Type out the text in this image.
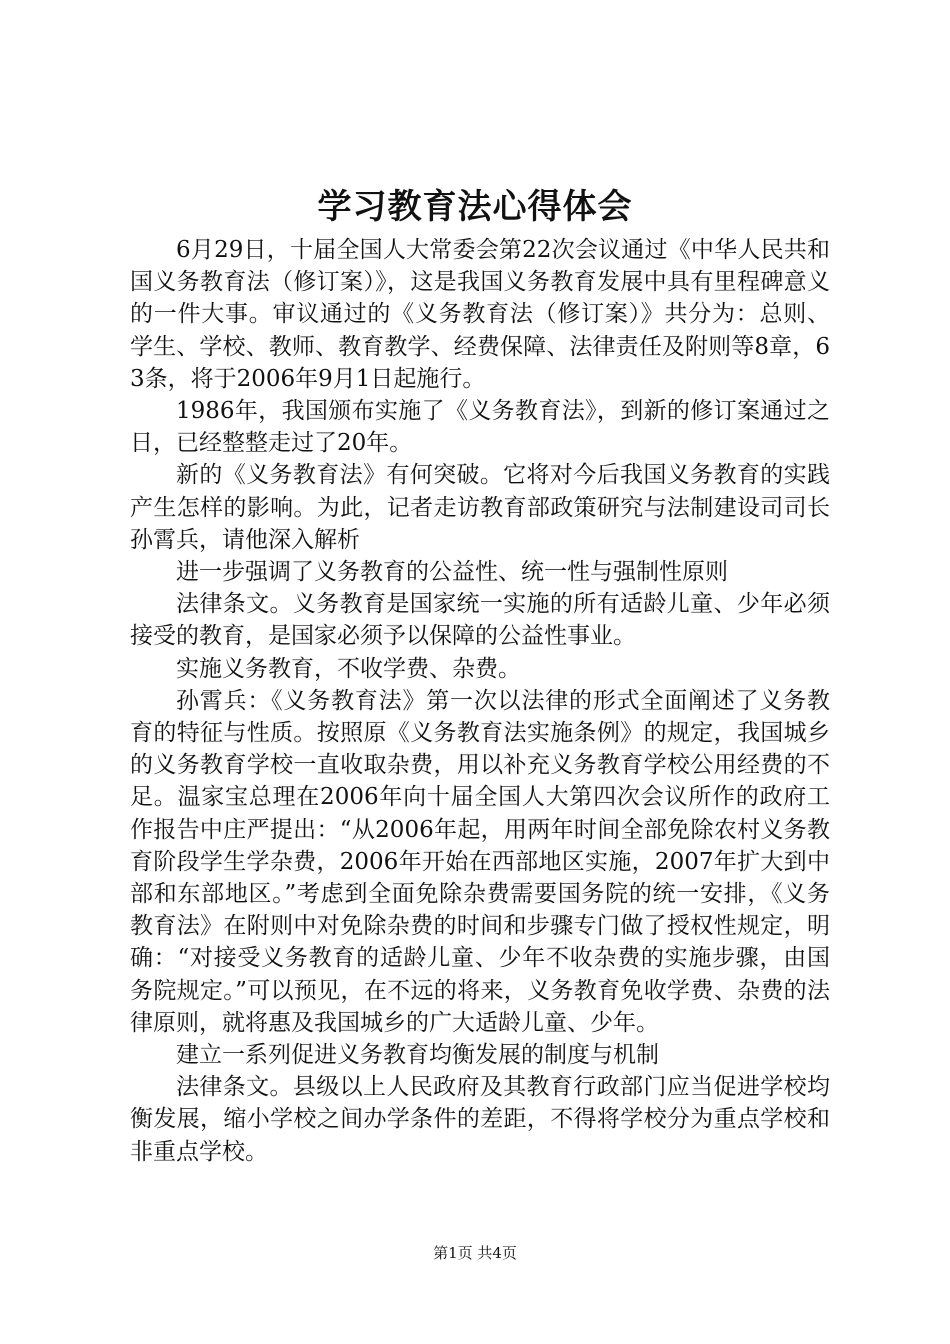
学习教育法心得体会

6月29日，十届全国人大常委会第22次会议通过《中华人民共和国义务教育法（修订案）》，这是我国义务教育发展中具有里程碑意义的一件大事。审议通过的《义务教育法（修订案）》共分为：总则、学生、学校、教师、教育教学、经费保障、法律责任及附则等8章，63条，将于2006年9月1日起施行。

1986年，我国颁布实施了《义务教育法》，到新的修订案通过之日，已经整整走过了20年。

新的《义务教育法》有何突破。它将对今后我国义务教育的实践产生怎样的影响。为此，记者走访教育部政策研究与法制建设司司长孙霄兵，请他深入解析

进一步强调了义务教育的公益性、统一性与强制性原则

法律条文。义务教育是国家统一实施的所有适龄儿童、少年必须接受的教育，是国家必须予以保障的公益性事业。

实施义务教育，不收学费、杂费。

孙霄兵：《义务教育法》第一次以法律的形式全面阐述了义务教育的特征与性质。按照原《义务教育法实施条例》的规定，我国城乡的义务教育学校一直收取杂费，用以补充义务教育学校公用经费的不足。温家宝总理在2006年向十届全国人大第四次会议所作的政府工作报告中庄严提出：“从2006年起，用两年时间全部免除农村义务教育阶段学生学杂费，2006年开始在西部地区实施，2007年扩大到中部和东部地区。”考虑到全面免除杂费需要国务院的统一安排，《义务教育法》在附则中对免除杂费的时间和步骤专门做了授权性规定，明确：“对接受义务教育的适龄儿童、少年不收杂费的实施步骤，由国务院规定。”可以预见，在不远的将来，义务教育免收学费、杂费的法律原则，就将惠及我国城乡的广大适龄儿童、少年。

建立一系列促进义务教育均衡发展的制度与机制

法律条文。县级以上人民政府及其教育行政部门应当促进学校均衡发展，缩小学校之间办学条件的差距，不得将学校分为重点学校和非重点学校。

第1页 共4页
